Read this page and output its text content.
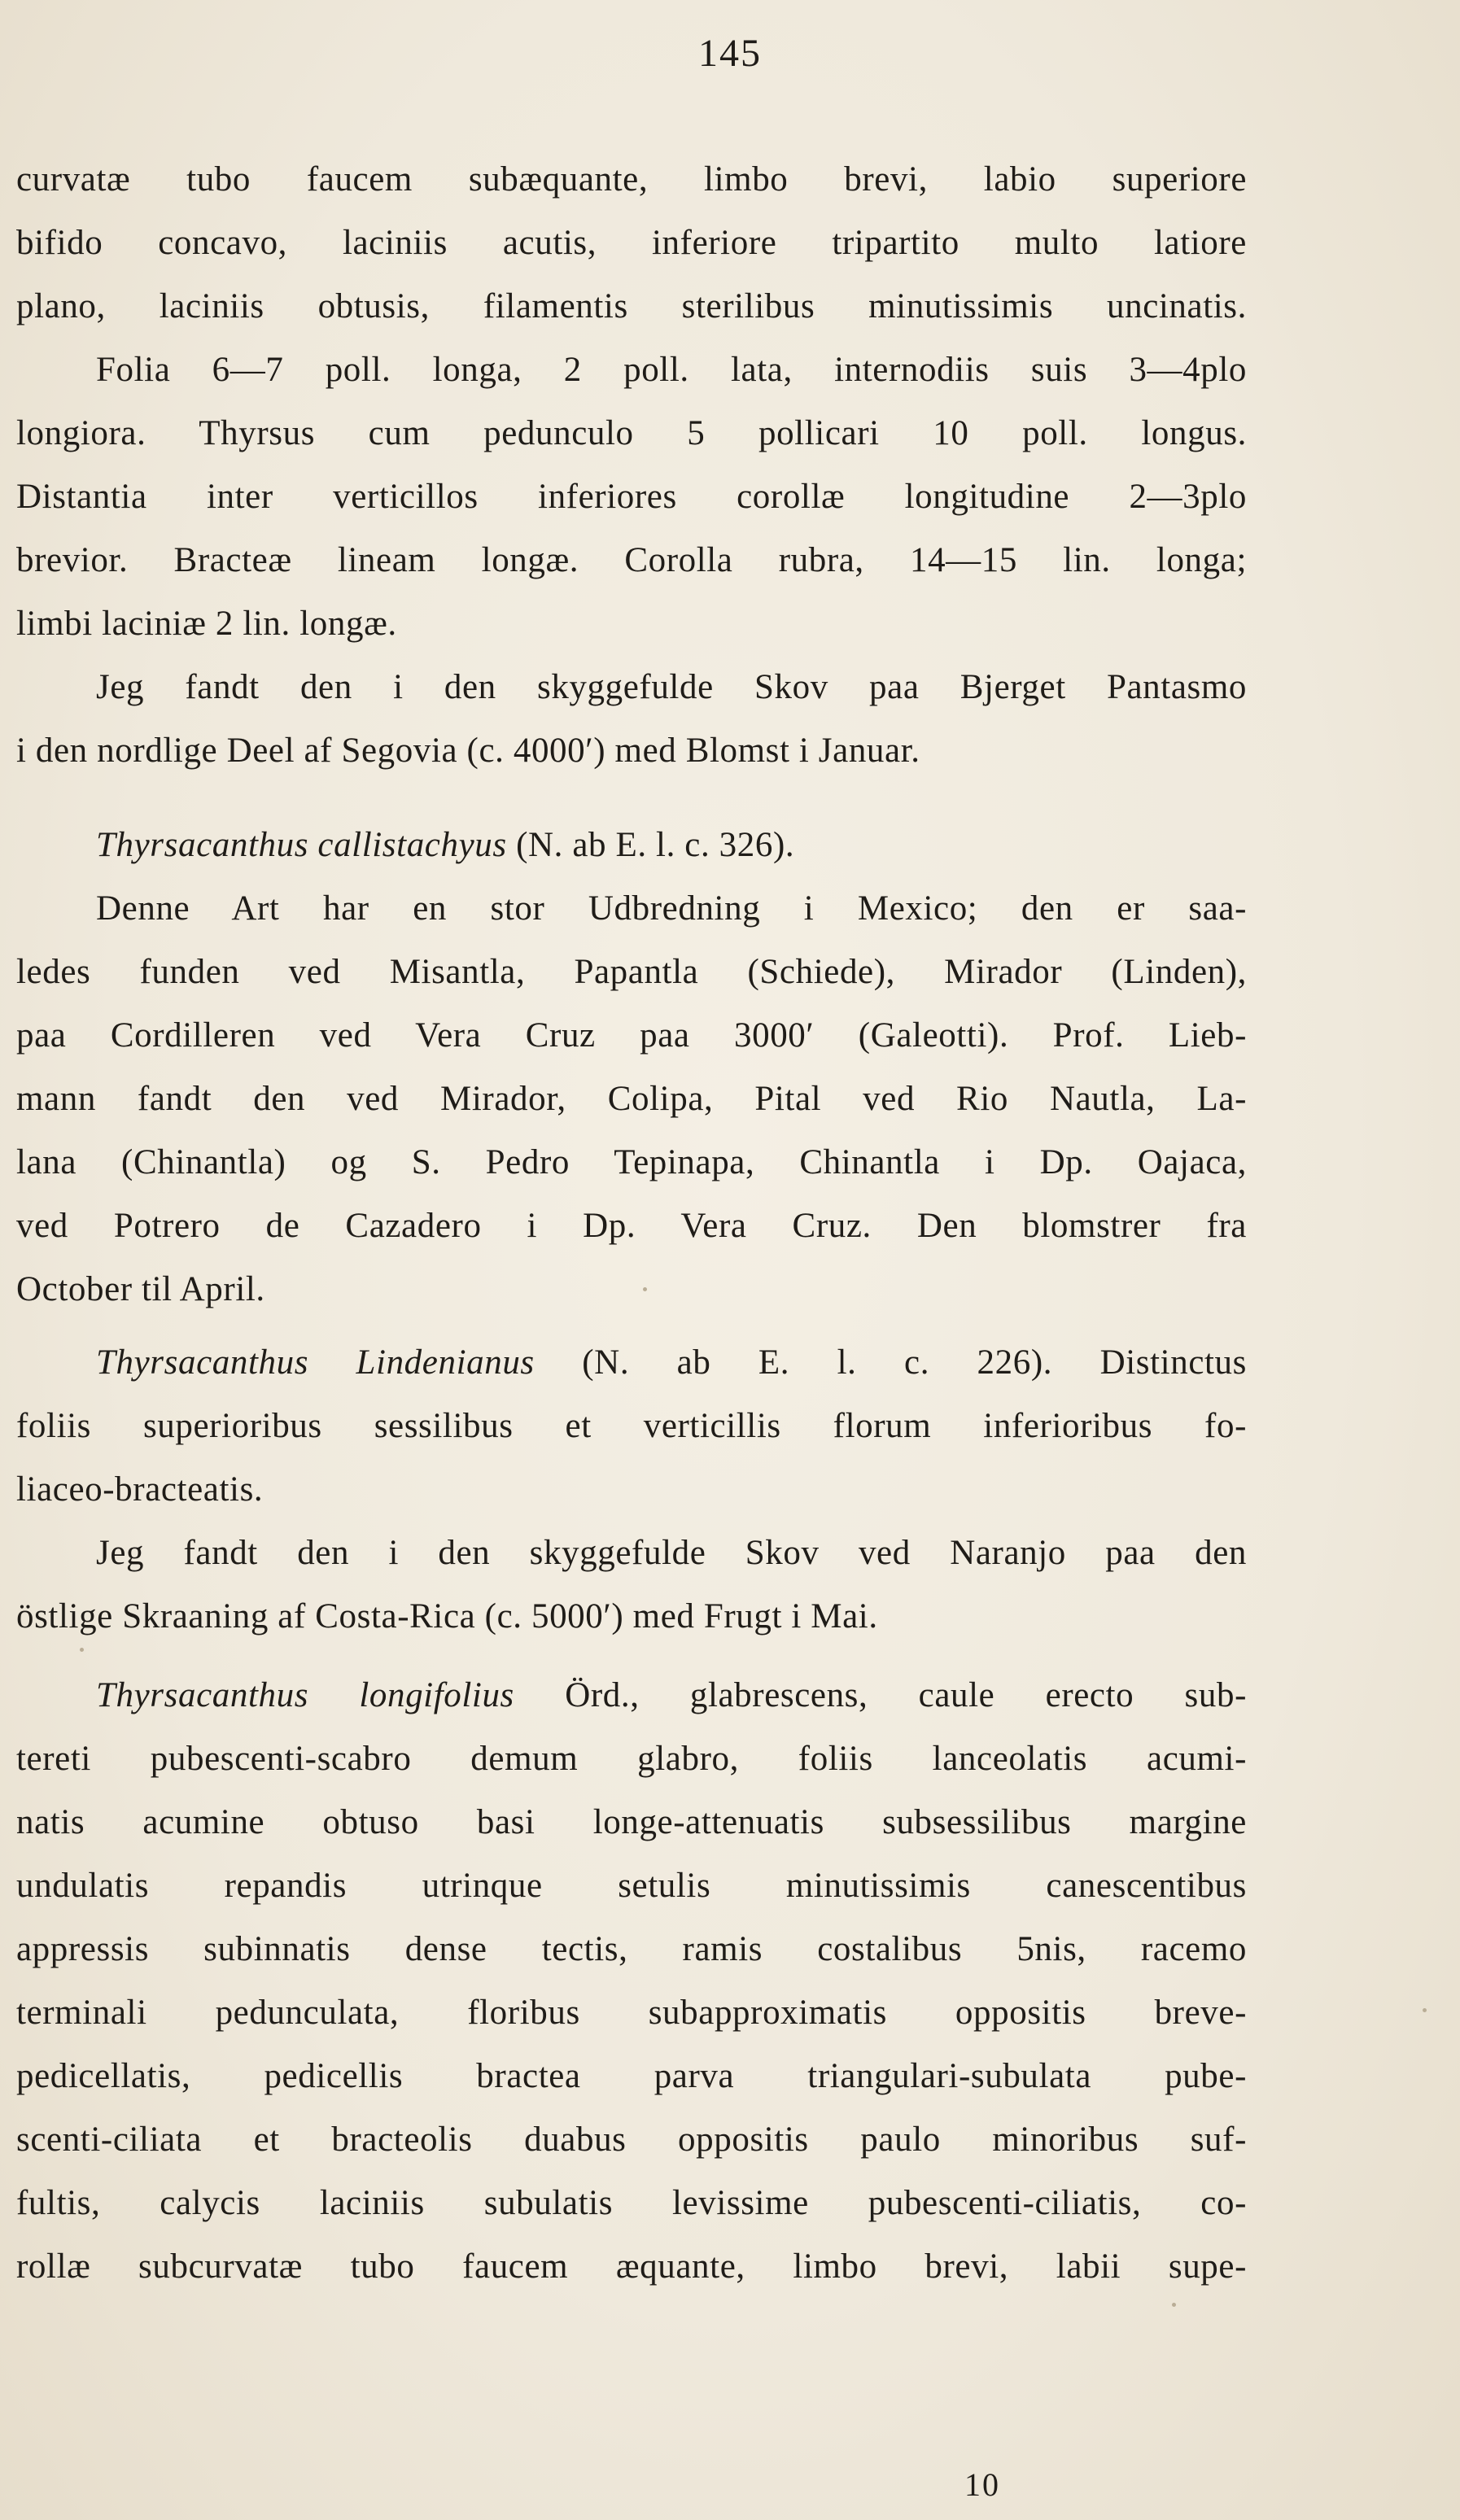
145
curvatæ tubo faucem subæquante, limbo brevi, labio superiore
bifido concavo, laciniis acutis, inferiore tripartito multo latiore
plano, laciniis obtusis, filamentis sterilibus minutissimis uncinatis.
Folia 6—7 poll. longa, 2 poll. lata, internodiis suis 3—4plo
longiora. Thyrsus cum pedunculo 5 pollicari 10 poll. longus.
Distantia inter verticillos inferiores corollæ longitudine 2—3plo
brevior. Bracteæ lineam longæ. Corolla rubra, 14—15 lin. longa;
limbi laciniæ 2 lin. longæ.
Jeg fandt den i den skyggefulde Skov paa Bjerget Pantasmo
i den nordlige Deel af Segovia (c. 4000′) med Blomst i Januar.
Thyrsacanthus callistachyus (N. ab E. l. c. 326).
Denne Art har en stor Udbredning i Mexico; den er saa-
ledes funden ved Misantla, Papantla (Schiede), Mirador (Linden),
paa Cordilleren ved Vera Cruz paa 3000′ (Galeotti). Prof. Lieb-
mann fandt den ved Mirador, Colipa, Pital ved Rio Nautla, La-
lana (Chinantla) og S. Pedro Tepinapa, Chinantla i Dp. Oajaca,
ved Potrero de Cazadero i Dp. Vera Cruz. Den blomstrer fra
October til April.
Thyrsacanthus Lindenianus (N. ab E. l. c. 226). Distinctus
foliis superioribus sessilibus et verticillis florum inferioribus fo-
liaceo-bracteatis.
Jeg fandt den i den skyggefulde Skov ved Naranjo paa den
östlige Skraaning af Costa-Rica (c. 5000′) med Frugt i Mai.
Thyrsacanthus longifolius Örd., glabrescens, caule erecto sub-
tereti pubescenti-scabro demum glabro, foliis lanceolatis acumi-
natis acumine obtuso basi longe-attenuatis subsessilibus margine
undulatis repandis utrinque setulis minutissimis canescentibus
appressis subinnatis dense tectis, ramis costalibus 5nis, racemo
terminali pedunculata, floribus subapproximatis oppositis breve-
pedicellatis, pedicellis bractea parva triangulari-subulata pube-
scenti-ciliata et bracteolis duabus oppositis paulo minoribus suf-
fultis, calycis laciniis subulatis levissime pubescenti-ciliatis, co-
rollæ subcurvatæ tubo faucem æquante, limbo brevi, labii supe-
10
